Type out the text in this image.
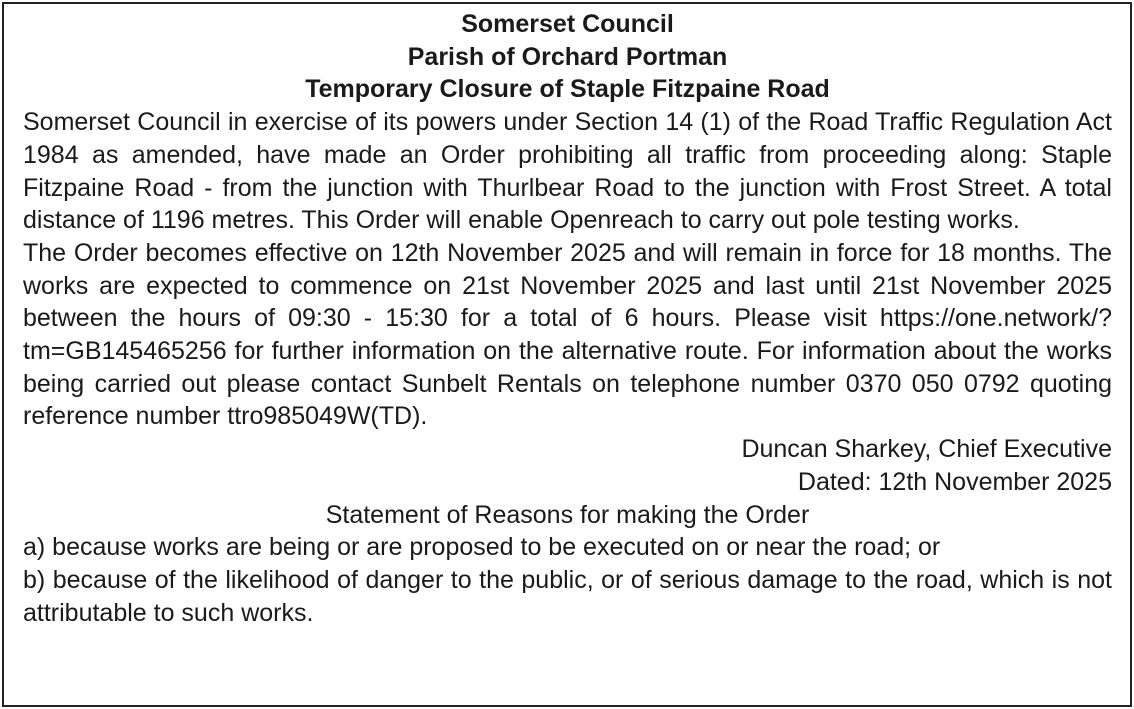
Somerset Council

Parish of Orchard Portman

Temporary Closure of Staple Fitzpaine Road

Somerset Council in exercise of its powers under Section 14 (1) of the Road Traffic Regulation Act 1984 as amended, have made an Order prohibiting all traffic from proceeding along: Staple Fitzpaine Road - from the junction with Thurlbear Road to the junction with Frost Street. A total distance of 1196 metres. This Order will enable Openreach to carry out pole testing works.

The Order becomes effective on 12th November 2025 and will remain in force for 18 months. The works are expected to commence on 21st November 2025 and last until 21st November 2025 between the hours of 09:30 - 15:30 for a total of 6 hours. Please visit https://one.network/?tm=GB145465256 for further information on the alternative route. For information about the works being carried out please contact Sunbelt Rentals on telephone number 0370 050 0792 quoting reference number ttro985049W(TD).

Duncan Sharkey, Chief Executive

Dated: 12th November 2025

Statement of Reasons for making the Order

a) because works are being or are proposed to be executed on or near the road; or

b) because of the likelihood of danger to the public, or of serious damage to the road, which is not attributable to such works.
